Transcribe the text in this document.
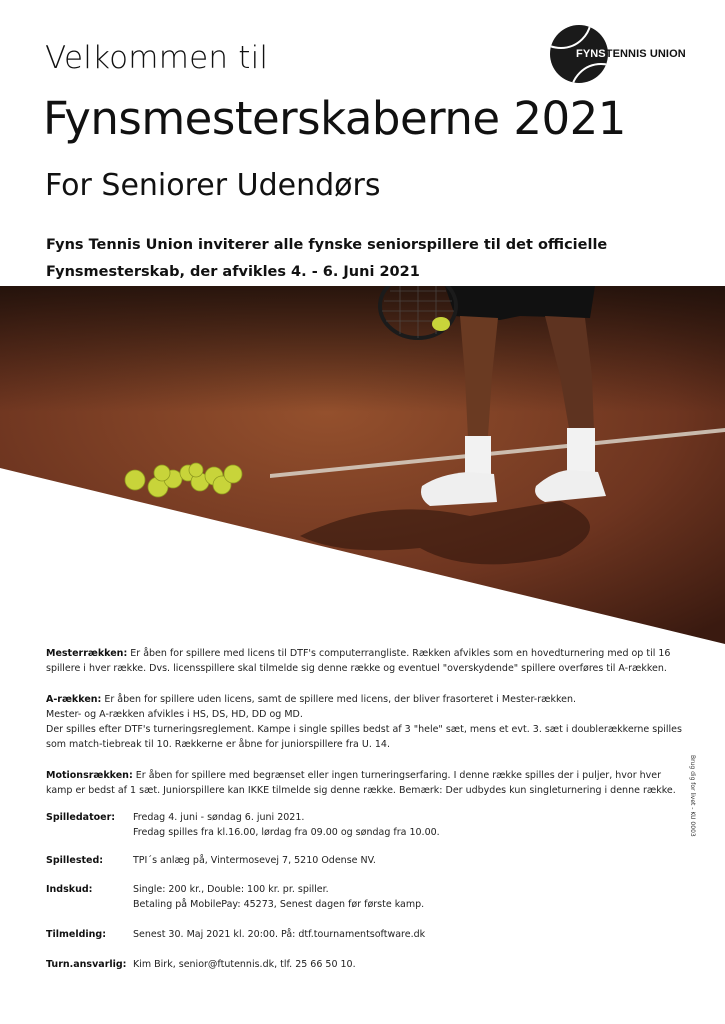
Velkommen til
Fynsmesterskaberne 2021
For Seniorer Udendørs
FYNSTENNIS UNION
Fyns Tennis Union inviterer alle fynske seniorspillere til det officielle
Fynsmesterskab, der afvikles 4. - 6. Juni 2021

Mesterrækken: Er åben for spillere med licens til DTF's computerrangliste. Rækken afvikles som en hovedturnering med op til 16 spillere i hver række. Dvs. licensspillere skal tilmelde sig denne række og eventuel "overskydende" spillere overføres til A-rækken.

A-rækken: Er åben for spillere uden licens, samt de spillere med licens, der bliver frasorteret i Mester-rækken.
Mester- og A-rækken afvikles i HS, DS, HD, DD og MD.
Der spilles efter DTF's turneringsreglement. Kampe i single spilles bedst af 3 "hele" sæt, mens et evt. 3. sæt i doublerækkerne spilles som match-tiebreak til 10. Rækkerne er åbne for juniorspillere fra U. 14.

Motionsrækken: Er åben for spillere med begrænset eller ingen turneringserfaring. I denne række spilles der i puljer, hvor hver kamp er bedst af 1 sæt. Juniorspillere kan IKKE tilmelde sig denne række. Bemærk: Der udbydes kun singleturnering i denne række.

Spilledatoer: Fredag 4. juni - søndag 6. juni 2021.
Fredag spilles fra kl.16.00, lørdag fra 09.00 og søndag fra 10.00.
Spillested:	TPI´s anlæg på, Vintermosevej 7, 5210 Odense NV.
Indskud:	Single: 200 kr., Double: 100 kr. pr. spiller.
Betaling på MobilePay: 45273, Senest dagen før første kamp.
Tilmelding:	Senest 30. Maj 2021 kl. 20:00. På: dtf.tournamentsoftware.dk
Turn.ansvarlig: Kim Birk, senior@ftutennis.dk, tlf. 25 66 50 10.
Brug dig for livet - KU 0003
